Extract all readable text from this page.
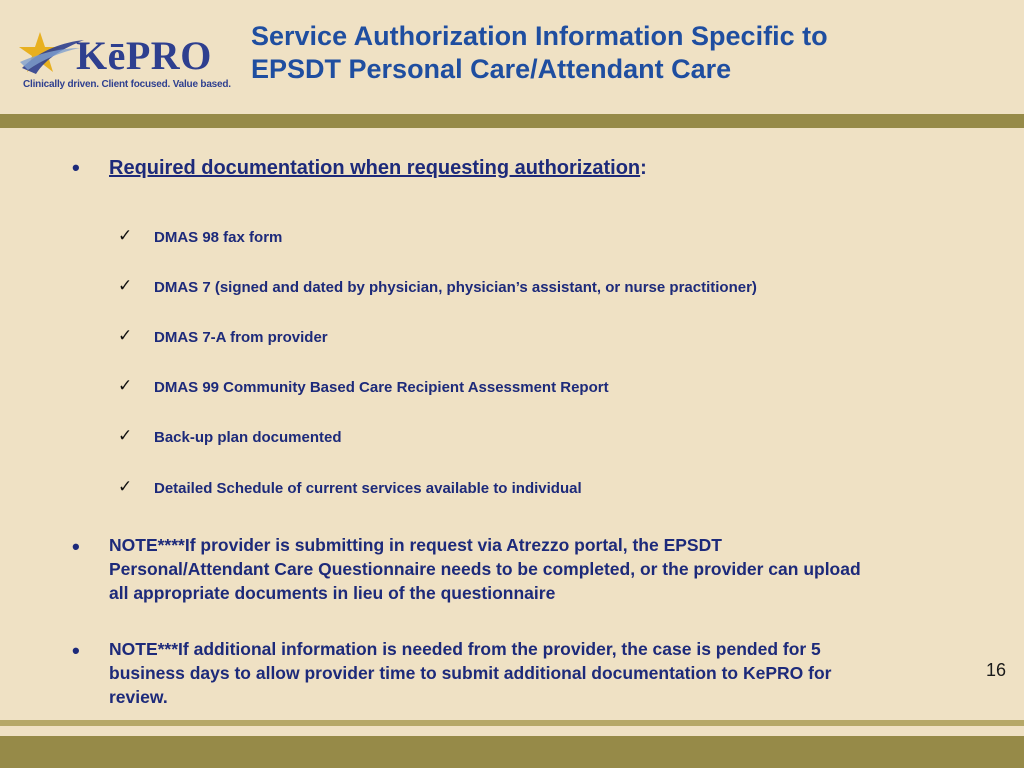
KēPRO
Clinically driven. Client focused. Value based.
Service Authorization Information Specific to
EPSDT Personal Care/Attendant Care
• Required documentation when requesting authorization:
✓ DMAS 98 fax form
✓ DMAS 7 (signed and dated by physician, physician’s assistant, or nurse practitioner)
✓ DMAS 7-A from provider
✓ DMAS 99 Community Based Care Recipient Assessment Report
✓ Back-up plan documented
✓ Detailed Schedule of current services available to individual
• NOTE****If provider is submitting in request via Atrezzo portal, the EPSDT
Personal/Attendant Care Questionnaire needs to be completed, or the provider can upload
all appropriate documents in lieu of the questionnaire
• NOTE***If additional information is needed from the provider, the case is pended for 5
business days to allow provider time to submit additional documentation to KePRO for
review.
16
